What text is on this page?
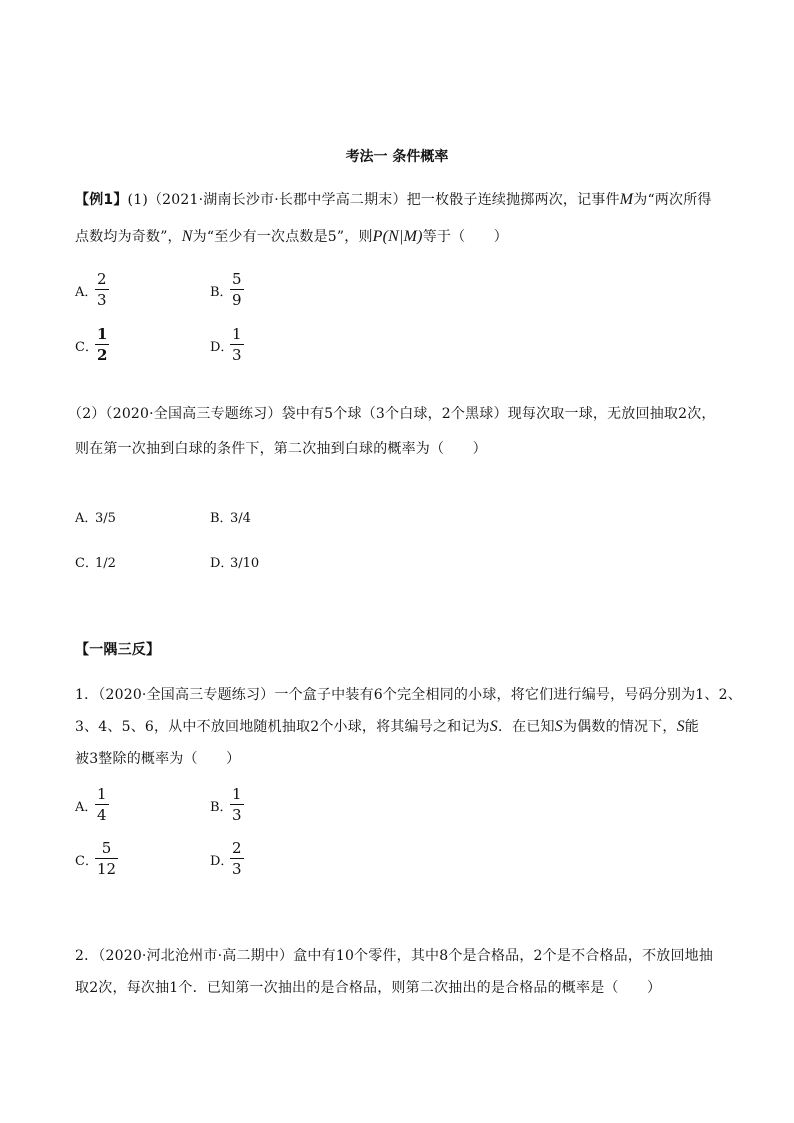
考法一 条件概率
【例1】(1)（2021·湖南长沙市·长郡中学高二期末）把一枚骰子连续抛掷两次，记事件M为“两次所得
点数均为奇数”，N为“至少有一次点数是5”，则P(N|M)等于（　　）
A．
$\frac{2}{3}$	B．
$\frac{5}{9}$
C．
$\frac{1}{2}$	D．
$\frac{1}{3}$
（2）（2020·全国高三专题练习）袋中有5个球（3个白球，2个黑球）现每次取一球，无放回抽取2次，
则在第一次抽到白球的条件下，第二次抽到白球的概率为（　　）
A．3/5	B．3/4
C．1/2	D．3/10
【一隅三反】
1．（2020·全国高三专题练习）一个盒子中装有6个完全相同的小球，将它们进行编号，号码分别为1、2、
3、4、5、6，从中不放回地随机抽取2个小球，将其编号之和记为S．在已知S为偶数的情况下，S能
被3整除的概率为（　　）
A．
$\frac{1}{4}$	B．
$\frac{1}{3}$
C．
$\frac{5}{12}$	D．
$\frac{2}{3}$
2．（2020·河北沧州市·高二期中）盒中有10个零件，其中8个是合格品，2个是不合格品，不放回地抽
取2次，每次抽1个．已知第一次抽出的是合格品，则第二次抽出的是合格品的概率是（　　）
